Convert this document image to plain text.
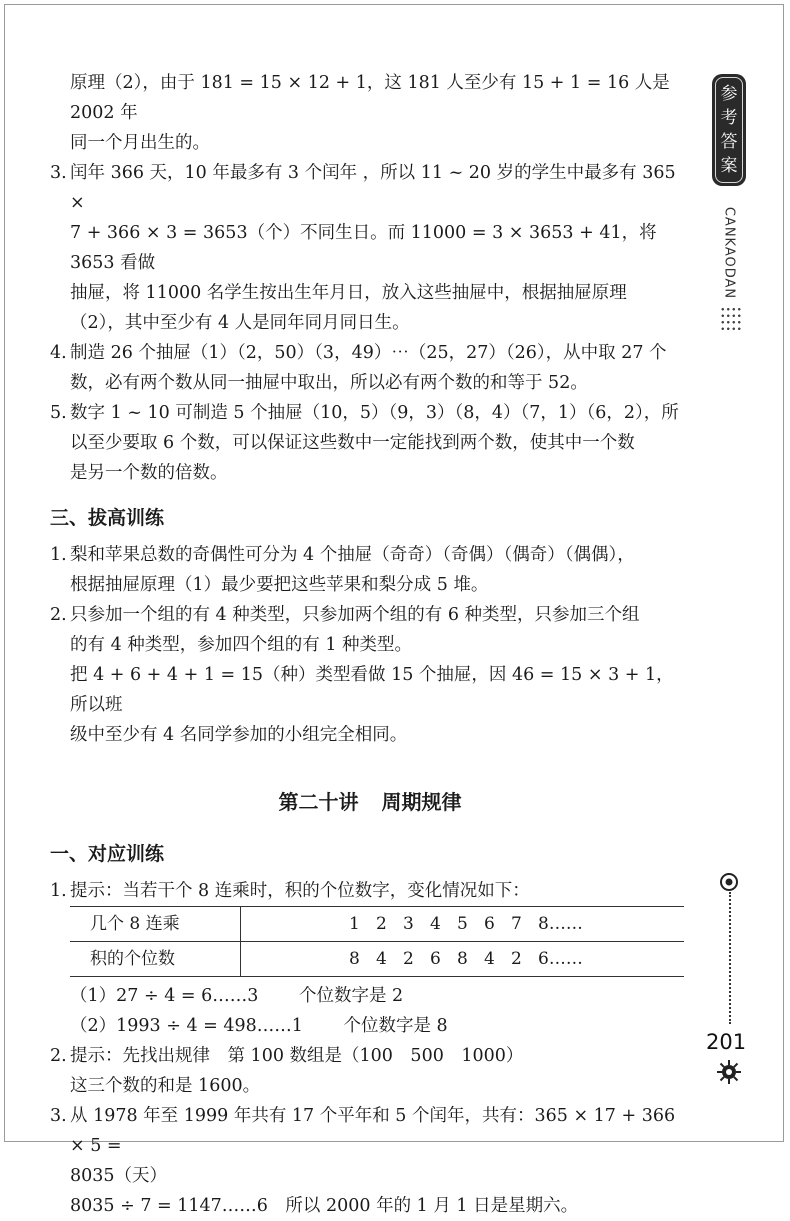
原理（2），由于 181 = 15 × 12 + 1，这 181 人至少有 15 + 1 = 16 人是 2002 年
同一个月出生的。

3. 闰年 366 天，10 年最多有 3 个闰年 ，所以 11 ~ 20 岁的学生中最多有 365 ×
7 + 366 × 3 = 3653（个）不同生日。而 11000 = 3 × 3653 + 41，将 3653 看做
抽屉，将 11000 名学生按出生年月日，放入这些抽屉中，根据抽屉原理
（2），其中至少有 4 人是同年同月同日生。

4. 制造 26 个抽屉（1）（2，50）（3，49）⋯（25，27）（26），从中取 27 个
数，必有两个数从同一抽屉中取出，所以必有两个数的和等于 52。

5. 数字 1 ~ 10 可制造 5 个抽屉（10，5）（9，3）（8，4）（7，1）（6，2），所
以至少要取 6 个数，可以保证这些数中一定能找到两个数，使其中一个数
是另一个数的倍数。

三、拔高训练

1. 梨和苹果总数的奇偶性可分为 4 个抽屉（奇奇）（奇偶）（偶奇）（偶偶），
根据抽屉原理（1）最少要把这些苹果和梨分成 5 堆。

2. 只参加一个组的有 4 种类型，只参加两个组的有 6 种类型，只参加三个组
的有 4 种类型，参加四个组的有 1 种类型。
把 4 + 6 + 4 + 1 = 15（种）类型看做 15 个抽屉，因 46 = 15 × 3 + 1，所以班
级中至少有 4 名同学参加的小组完全相同。

第二十讲 周期规律

一、对应训练

1. 提示：当若干个 8 连乘时，积的个位数字，变化情况如下：

几个 8 连乘	1 2 3 4 5 6 7 8……
积的个位数	8 4 2 6 8 4 2 6……

（1）27 ÷ 4 = 6……3　　 个位数字是 2

（2）1993 ÷ 4 = 498……1　　 个位数字是 8

2. 提示：先找出规律　第 100 数组是（100　500　1000）
这三个数的和是 1600。

3. 从 1978 年至 1999 年共有 17 个平年和 5 个闰年，共有：365 × 17 + 366 × 5 =
8035（天）
8035 ÷ 7 = 1147……6　所以 2000 年的 1 月 1 日是星期六。

参
考
答
案
CANKAODAN
201
